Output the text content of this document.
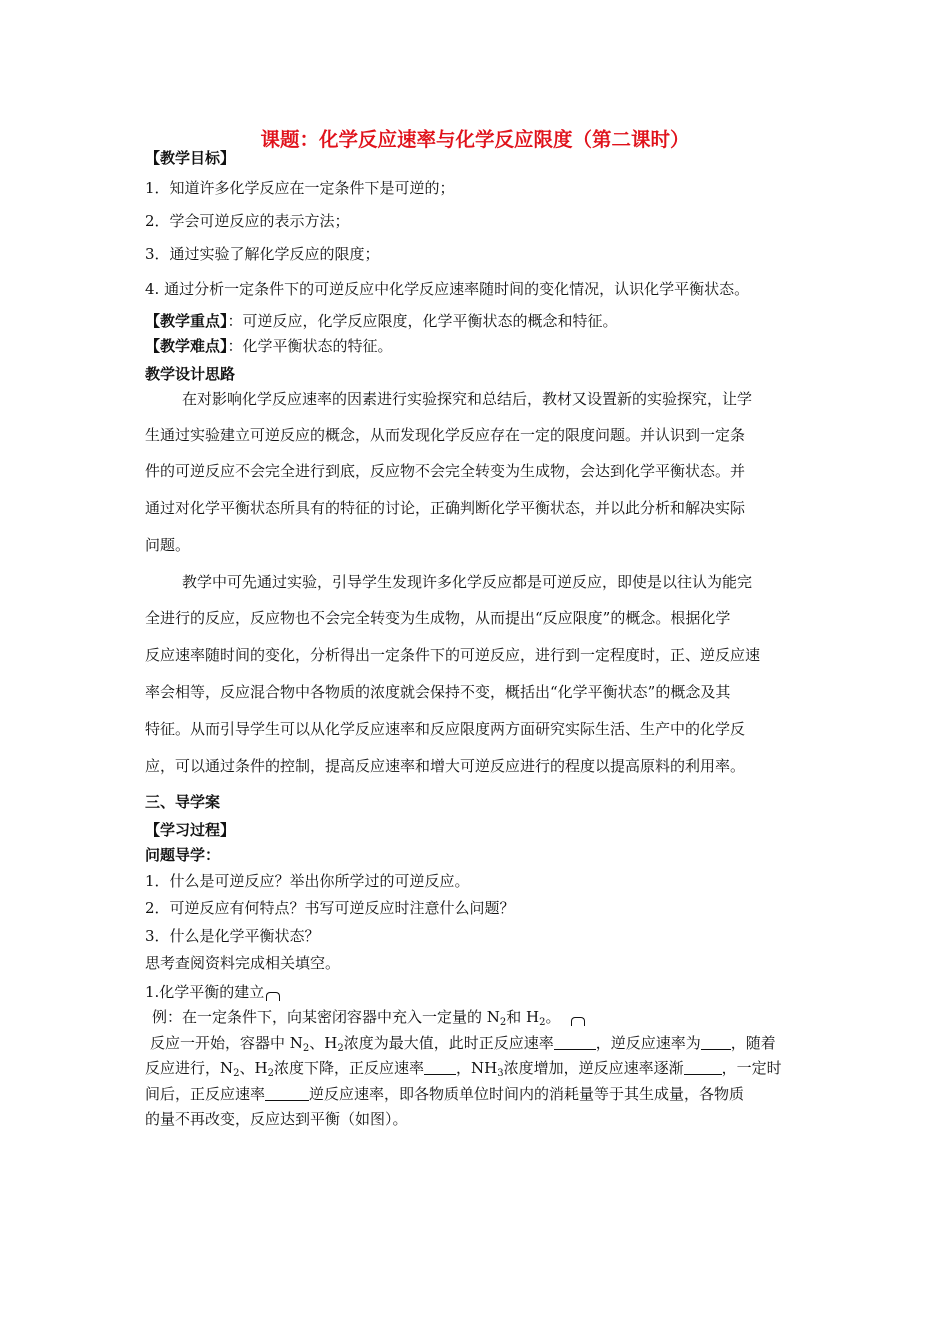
课题：化学反应速率与化学反应限度（第二课时）
【教学目标】
1．知道许多化学反应在一定条件下是可逆的；
2．学会可逆反应的表示方法；
3．通过实验了解化学反应的限度；
4. 通过分析一定条件下的可逆反应中化学反应速率随时间的变化情况，认识化学平衡状态。
【教学重点】：可逆反应，化学反应限度，化学平衡状态的概念和特征。
【教学难点】：化学平衡状态的特征。
教学设计思路
在对影响化学反应速率的因素进行实验探究和总结后，教材又设置新的实验探究，让学
生通过实验建立可逆反应的概念，从而发现化学反应存在一定的限度问题。并认识到一定条
件的可逆反应不会完全进行到底，反应物不会完全转变为生成物，会达到化学平衡状态。并
通过对化学平衡状态所具有的特征的讨论，正确判断化学平衡状态，并以此分析和解决实际
问题。
教学中可先通过实验，引导学生发现许多化学反应都是可逆反应，即使是以往认为能完
全进行的反应，反应物也不会完全转变为生成物，从而提出“反应限度”的概念。根据化学
反应速率随时间的变化，分析得出一定条件下的可逆反应，进行到一定程度时，正、逆反应速
率会相等，反应混合物中各物质的浓度就会保持不变，概括出“化学平衡状态”的概念及其
特征。从而引导学生可以从化学反应速率和反应限度两方面研究实际生活、生产中的化学反
应，可以通过条件的控制，提高反应速率和增大可逆反应进行的程度以提高原料的利用率。
三、导学案
【学习过程】
问题导学：
1．什么是可逆反应？举出你所学过的可逆反应。
2．可逆反应有何特点？书写可逆反应时注意什么问题？
3．什么是化学平衡状态？
思考查阅资料完成相关填空。
1.化学平衡的建立
例：在一定条件下，向某密闭容器中充入一定量的 $N_2$和 $H_2$。
反应一开始，容器中 $N_2$、$H_2$浓度为最大值，此时正反应速率	，逆反应速率为 ，随着
反应进行，$N_2$、$H_2$浓度下降，正反应速率 ，$NH_3$浓度增加，逆反应速率逐渐	，一定时
间后，正反应速率	逆反应速率，即各物质单位时间内的消耗量等于其生成量，各物质
的量不再改变，反应达到平衡（如图）。
